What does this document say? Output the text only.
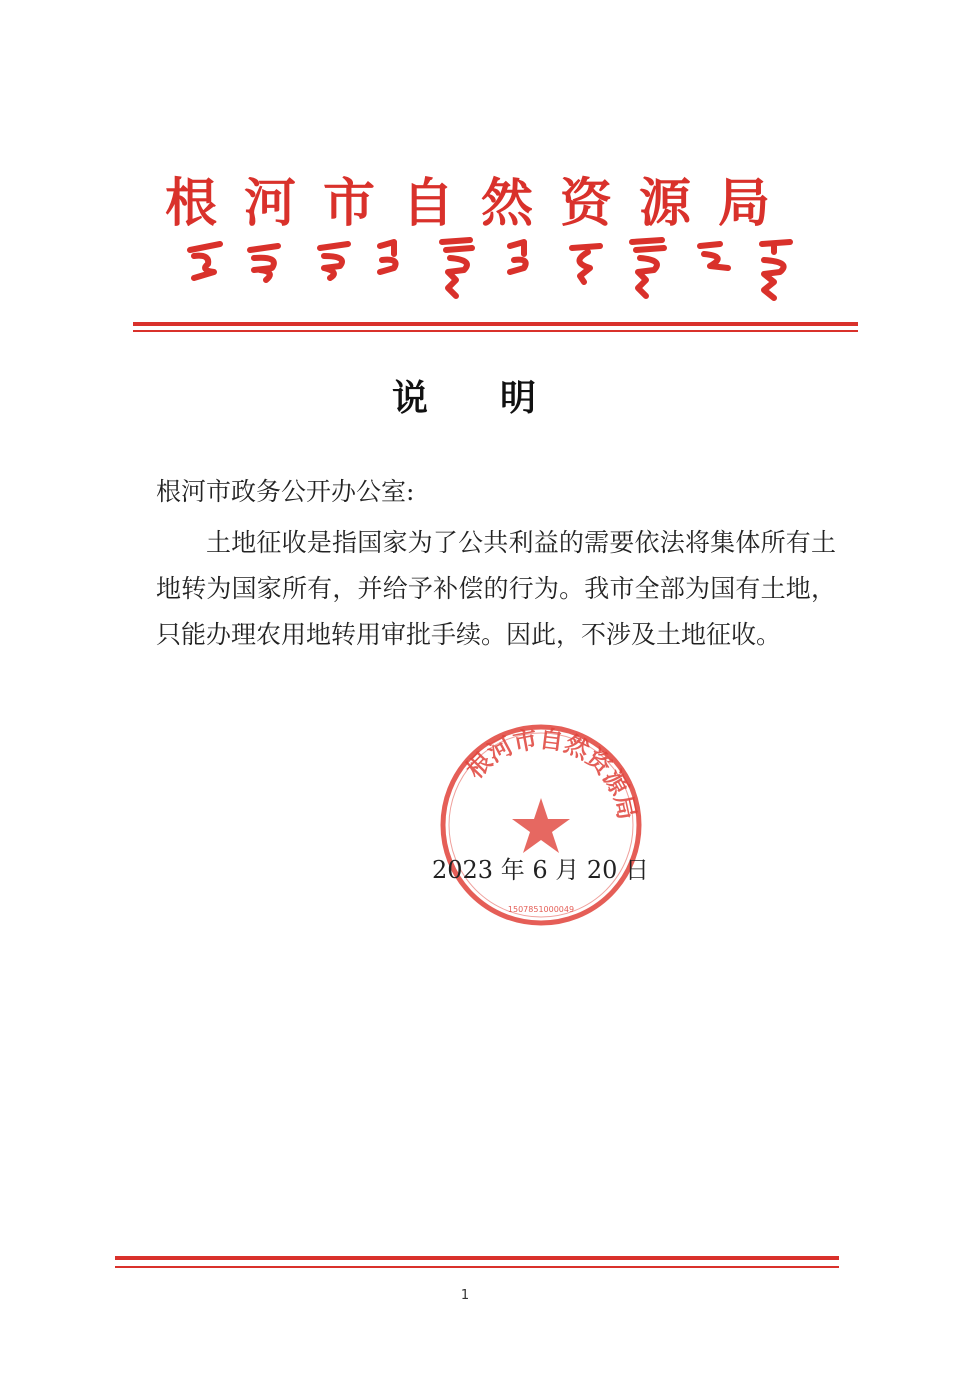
根河市自然资源局
说明
根河市政务公开办公室:

土地征收是指国家为了公共利益的需要依法将集体所有土地转为国家所有，并给予补偿的行为。我市全部为国有土地，只能办理农用地转用审批手续。因此，不涉及土地征收。

根河市自然资源局
1507851000049
2023 年 6 月 20 日
1
